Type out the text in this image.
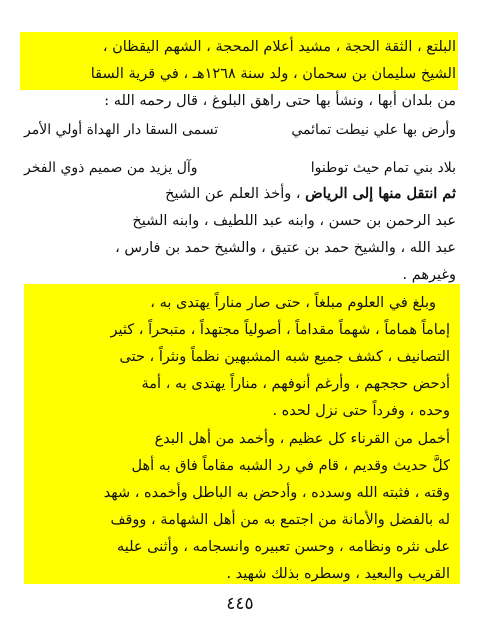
البلتع ، الثقة الحجة ، مشيد أعلام المحجة ، الشهم اليقظان ،
الشيخ سليمان بن سحمان ، ولد سنة ١٢٦٨هـ ، في قرية السقا
من بلدان أبها ، ونشأ بها حتى راهق البلوغ ، قال رحمه الله :
وأرض بها علي نيطت تمائمي
تسمى السقا دار الهداة أولي الأمر
بلاد بني تمام حيث توطنوا
وآل يزيد من صميم ذوي الفخر
ثم انتقل منها إلى الرياض ، وأخذ العلم عن الشيخ
عبد الرحمن بن حسن ، وابنه عبد اللطيف ، وابنه الشيخ
عبد الله ، والشيخ حمد بن عتيق ، والشيخ حمد بن فارس ،
وغيرهم .
وبلغ في العلوم مبلغاً ، حتى صار مناراً يهتدى به ،
إماماً هماماً ، شهماً مقداماً ، أصولياً مجتهداً ، متبحراً ، كثير
التصانيف ، كشف جميع شبه المشبهين نظماً ونثراً ، حتى
أدحض حججهم ، وأرغم أنوفهم ، مناراً يهتدى به ، أمة
وحده ، وفرداً حتى نزل لحده .
أخمل من القرناء كل عظيم ، وأخمد من أهل البدع
كلَّ حديث وقديم ، قام في رد الشبه مقاماً فاق به أهل
وقته ، فثبته الله وسدده ، وأدحض به الباطل وأخمده ، شهد
له بالفضل والأمانة من اجتمع به من أهل الشهامة ، ووقف
على نثره ونظامه ، وحسن تعبيره وانسجامه ، وأثنى عليه
القريب والبعيد ، وسطره بذلك شهيد .
٤٤٥
